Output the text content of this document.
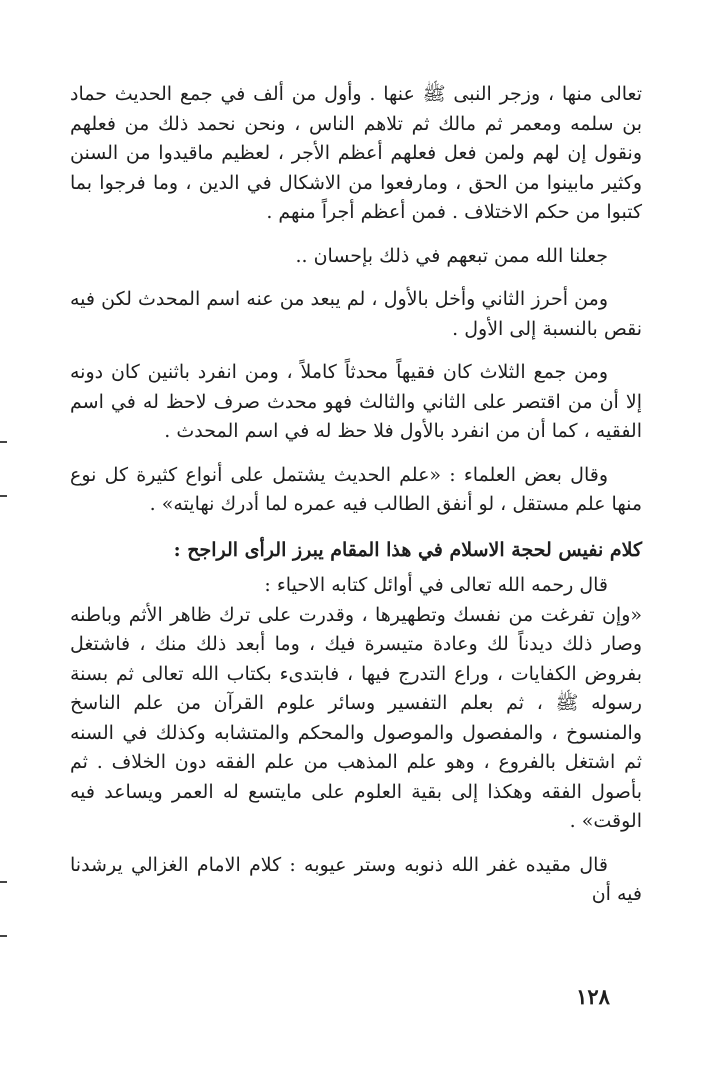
تعالى منها ، وزجر النبى ﷺ عنها . وأول من ألف في جمع الحديث حماد بن سلمه ومعمر ثم مالك ثم تلاهم الناس ، ونحن نحمد ذلك من فعلهم ونقول إن لهم ولمن فعل فعلهم أعظم الأجر ، لعظيم ماقيدوا من السنن وكثير مابينوا من الحق ، ومارفعوا من الاشكال في الدين ، وما فرجوا بما كتبوا من حكم الاختلاف . فمن أعظم أجراً منهم .

جعلنا الله ممن تبعهم في ذلك بإحسان ..

ومن أحرز الثاني وأخل بالأول ، لم يبعد من عنه اسم المحدث لكن فيه نقص بالنسبة إلى الأول .

ومن جمع الثلاث كان فقيهاً محدثاً كاملاً ، ومن انفرد باثنين كان دونه إلا أن من اقتصر على الثاني والثالث فهو محدث صرف لاحظ له في اسم الفقيه ، كما أن من انفرد بالأول فلا حظ له في اسم المحدث .

وقال بعض العلماء : «علم الحديث يشتمل على أنواع كثيرة كل نوع منها علم مستقل ، لو أنفق الطالب فيه عمره لما أدرك نهايته» .

كلام نفيس لحجة الاسلام في هذا المقام يبرز الرأى الراجح :

قال رحمه الله تعالى في أوائل كتابه الاحياء :

«وإن تفرغت من نفسك وتطهيرها ، وقدرت على ترك ظاهر الأثم وباطنه وصار ذلك ديدناً لك وعادة متيسرة فيك ، وما أبعد ذلك منك ، فاشتغل بفروض الكفايات ، وراع التدرج فيها ، فابتدىء بكتاب الله تعالى ثم بسنة رسوله ﷺ ، ثم بعلم التفسير وسائر علوم القرآن من علم الناسخ والمنسوخ ، والمفصول والموصول والمحكم والمتشابه وكذلك في السنه ثم اشتغل بالفروع ، وهو علم المذهب من علم الفقه دون الخلاف . ثم بأصول الفقه وهكذا إلى بقية العلوم على مايتسع له العمر ويساعد فيه الوقت» .

قال مقيده غفر الله ذنوبه وستر عيوبه : كلام الامام الغزالي يرشدنا فيه أن

١٢٨
